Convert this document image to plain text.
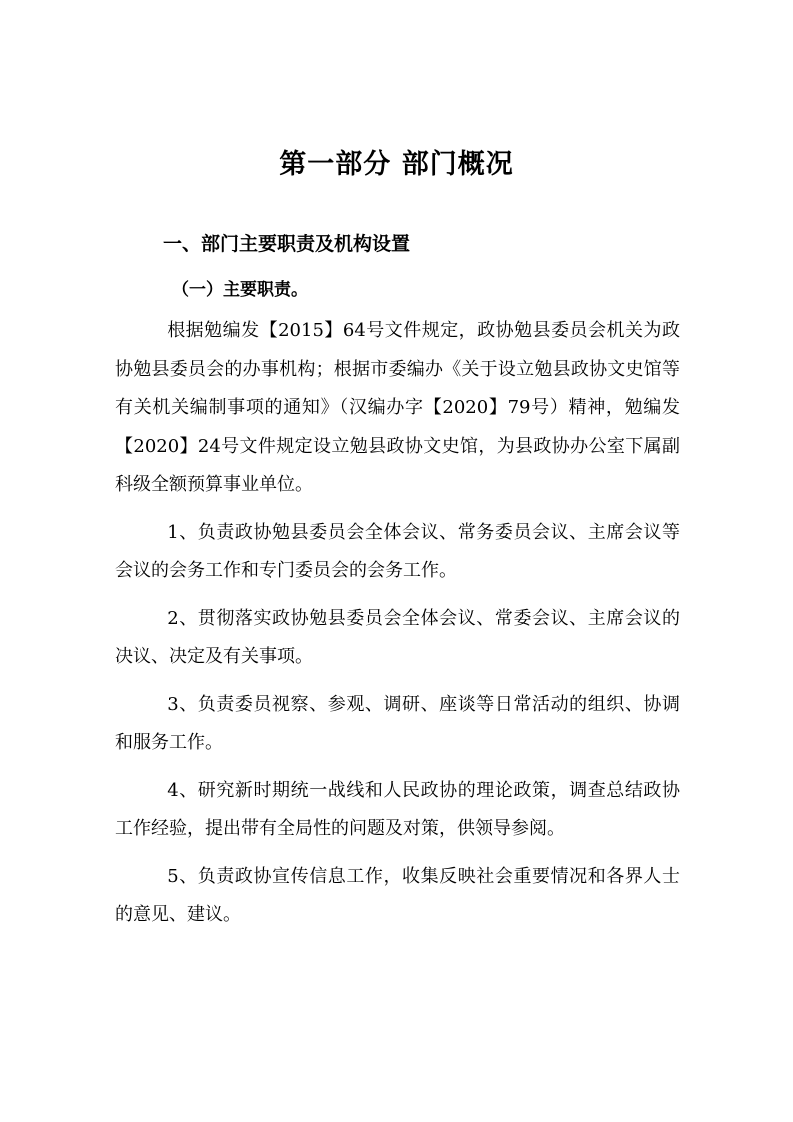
第一部分 部门概况
一、部门主要职责及机构设置
（一）主要职责。

根据勉编发【2015】64号文件规定，政协勉县委员会机关为政协勉县委员会的办事机构；根据市委编办《关于设立勉县政协文史馆等有关机关编制事项的通知》（汉编办字【2020】79号）精神，勉编发【2020】24号文件规定设立勉县政协文史馆，为县政协办公室下属副科级全额预算事业单位。

1、负责政协勉县委员会全体会议、常务委员会议、主席会议等会议的会务工作和专门委员会的会务工作。

2、贯彻落实政协勉县委员会全体会议、常委会议、主席会议的决议、决定及有关事项。

3、负责委员视察、参观、调研、座谈等日常活动的组织、协调和服务工作。

4、研究新时期统一战线和人民政协的理论政策，调查总结政协工作经验，提出带有全局性的问题及对策，供领导参阅。

5、负责政协宣传信息工作，收集反映社会重要情况和各界人士的意见、建议。
